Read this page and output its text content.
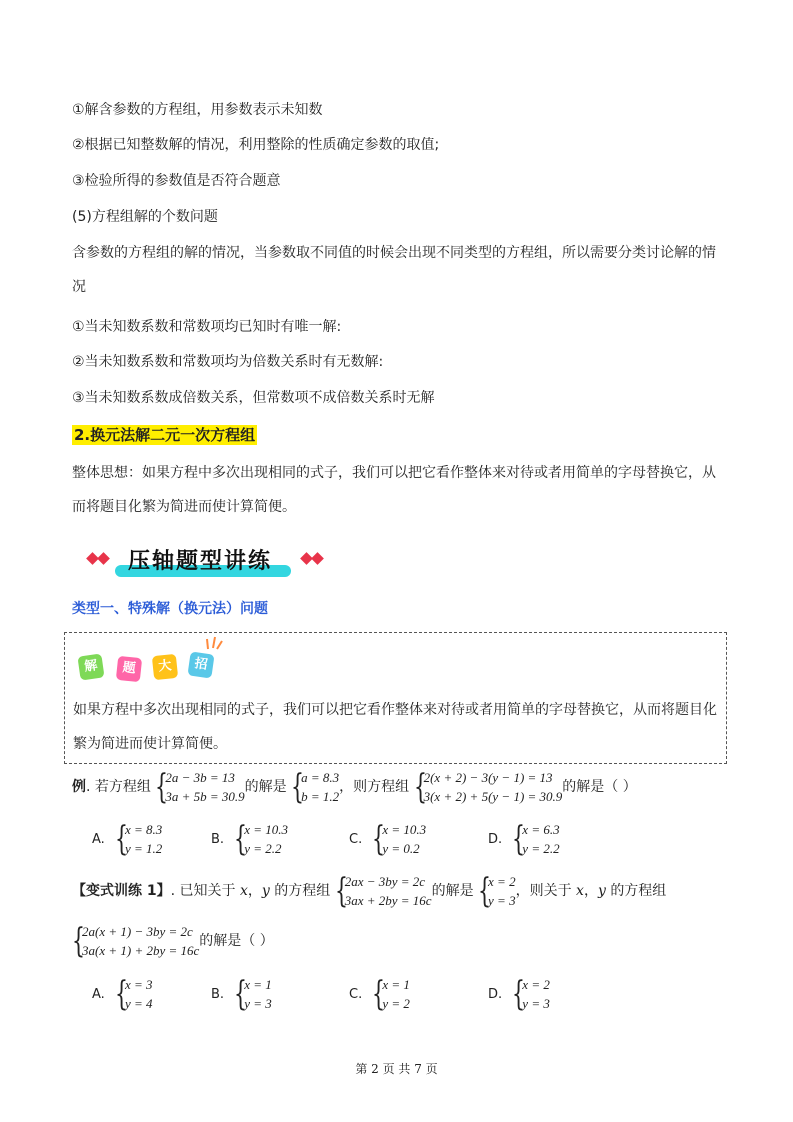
①解含参数的方程组，用参数表示未知数
②根据已知整数解的情况，利用整除的性质确定参数的取值;
③检验所得的参数值是否符合题意
(5)方程组解的个数问题
含参数的方程组的解的情况，当参数取不同值的时候会出现不同类型的方程组，所以需要分类讨论解的情况
①当未知数系数和常数项均已知时有唯一解:
②当未知数系数和常数项均为倍数关系时有无数解:
③当未知数系数成倍数关系，但常数项不成倍数关系时无解
2.换元法解二元一次方程组
整体思想：如果方程中多次出现相同的式子，我们可以把它看作整体来对待或者用简单的字母替换它，从而将题目化繁为简进而使计算简便。
压轴题型讲练
类型一、特殊解（换元法）问题
解	题	大	招
如果方程中多次出现相同的式子，我们可以把它看作整体来对待或者用简单的字母替换它，从而将题目化繁为简进而使计算简便。
例. 若方程组 {
2a − 3b = 13
3a + 5b = 30.9
的解是 {
a = 8.3
b = 1.2
，则方程组 {
2(x + 2) − 3(y − 1) = 13
3(x + 2) + 5(y − 1) = 30.9
的解是（ ）
A. {
x = 8.3
y = 1.2
B. {
x = 10.3
y = 2.2
C. {
x = 10.3
y = 0.2
D. {
x = 6.3
y = 2.2
【变式训练 1】. 已知关于 x，y 的方程组 {
2ax − 3by = 2c
3ax + 2by = 16c
的解是 {
x = 2
y = 3
，则关于 x，y 的方程组
{
2a(x + 1) − 3by = 2c
3a(x + 1) + 2by = 16c
的解是（ ）
A. {
x = 3
y = 4
B. {
x = 1
y = 3
C. {
x = 1
y = 2
D. {
x = 2
y = 3
第 2 页 共 7 页
